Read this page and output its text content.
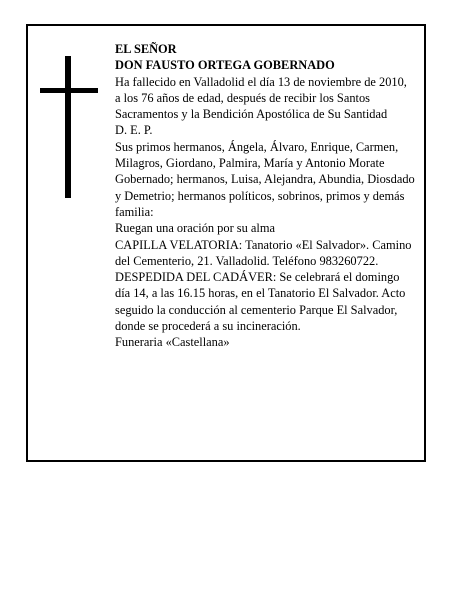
EL SEÑOR

DON FAUSTO ORTEGA GOBERNADO

Ha fallecido en Valladolid el día 13 de noviembre de 2010, a los 76 años de edad, después de recibir los Santos Sacramentos y la Bendición Apostólica de Su Santidad

D. E. P.

Sus primos hermanos, Ángela, Álvaro, Enrique, Carmen, Milagros, Giordano, Palmira, María y Antonio Morate Gobernado; hermanos, Luisa, Alejandra, Abundia, Diosdado y Demetrio; hermanos políticos, sobrinos, primos y demás familia:

Ruegan una oración por su alma

CAPILLA VELATORIA: Tanatorio «El Salvador». Camino del Cementerio, 21. Valladolid. Teléfono 983260722.

DESPEDIDA DEL CADÁVER: Se celebrará el domingo día 14, a las 16.15 horas, en el Tanatorio El Salvador. Acto seguido la conducción al cementerio Parque El Salvador, donde se procederá a su incineración.

Funeraria «Castellana»
